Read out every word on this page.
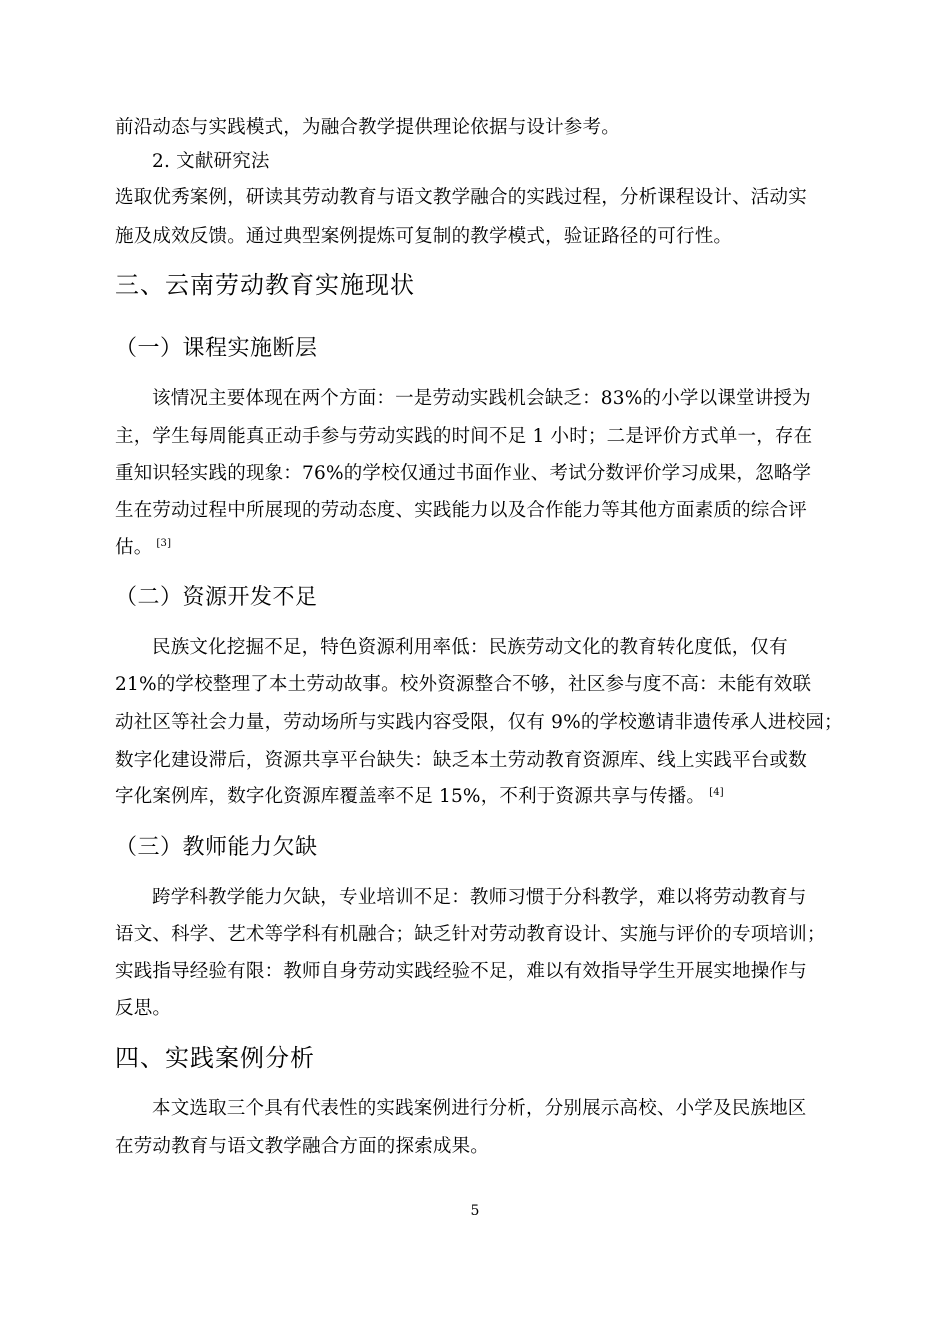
前沿动态与实践模式，为融合教学提供理论依据与设计参考。
2. 文献研究法
选取优秀案例，研读其劳动教育与语文教学融合的实践过程，分析课程设计、活动实
施及成效反馈。通过典型案例提炼可复制的教学模式，验证路径的可行性。
三、云南劳动教育实施现状
（一）课程实施断层
该情况主要体现在两个方面：一是劳动实践机会缺乏：83%的小学以课堂讲授为
主，学生每周能真正动手参与劳动实践的时间不足 1 小时；二是评价方式单一，存在
重知识轻实践的现象：76%的学校仅通过书面作业、考试分数评价学习成果，忽略学
生在劳动过程中所展现的劳动态度、实践能力以及合作能力等其他方面素质的综合评
估。 [3]
（二）资源开发不足
民族文化挖掘不足，特色资源利用率低：民族劳动文化的教育转化度低，仅有
21%的学校整理了本土劳动故事。校外资源整合不够，社区参与度不高：未能有效联
动社区等社会力量，劳动场所与实践内容受限，仅有 9%的学校邀请非遗传承人进校园；
数字化建设滞后，资源共享平台缺失：缺乏本土劳动教育资源库、线上实践平台或数
字化案例库，数字化资源库覆盖率不足 15%，不利于资源共享与传播。 [4]
（三）教师能力欠缺
跨学科教学能力欠缺，专业培训不足：教师习惯于分科教学，难以将劳动教育与
语文、科学、艺术等学科有机融合；缺乏针对劳动教育设计、实施与评价的专项培训；
实践指导经验有限：教师自身劳动实践经验不足，难以有效指导学生开展实地操作与
反思。
四、实践案例分析
本文选取三个具有代表性的实践案例进行分析，分别展示高校、小学及民族地区
在劳动教育与语文教学融合方面的探索成果。
5
